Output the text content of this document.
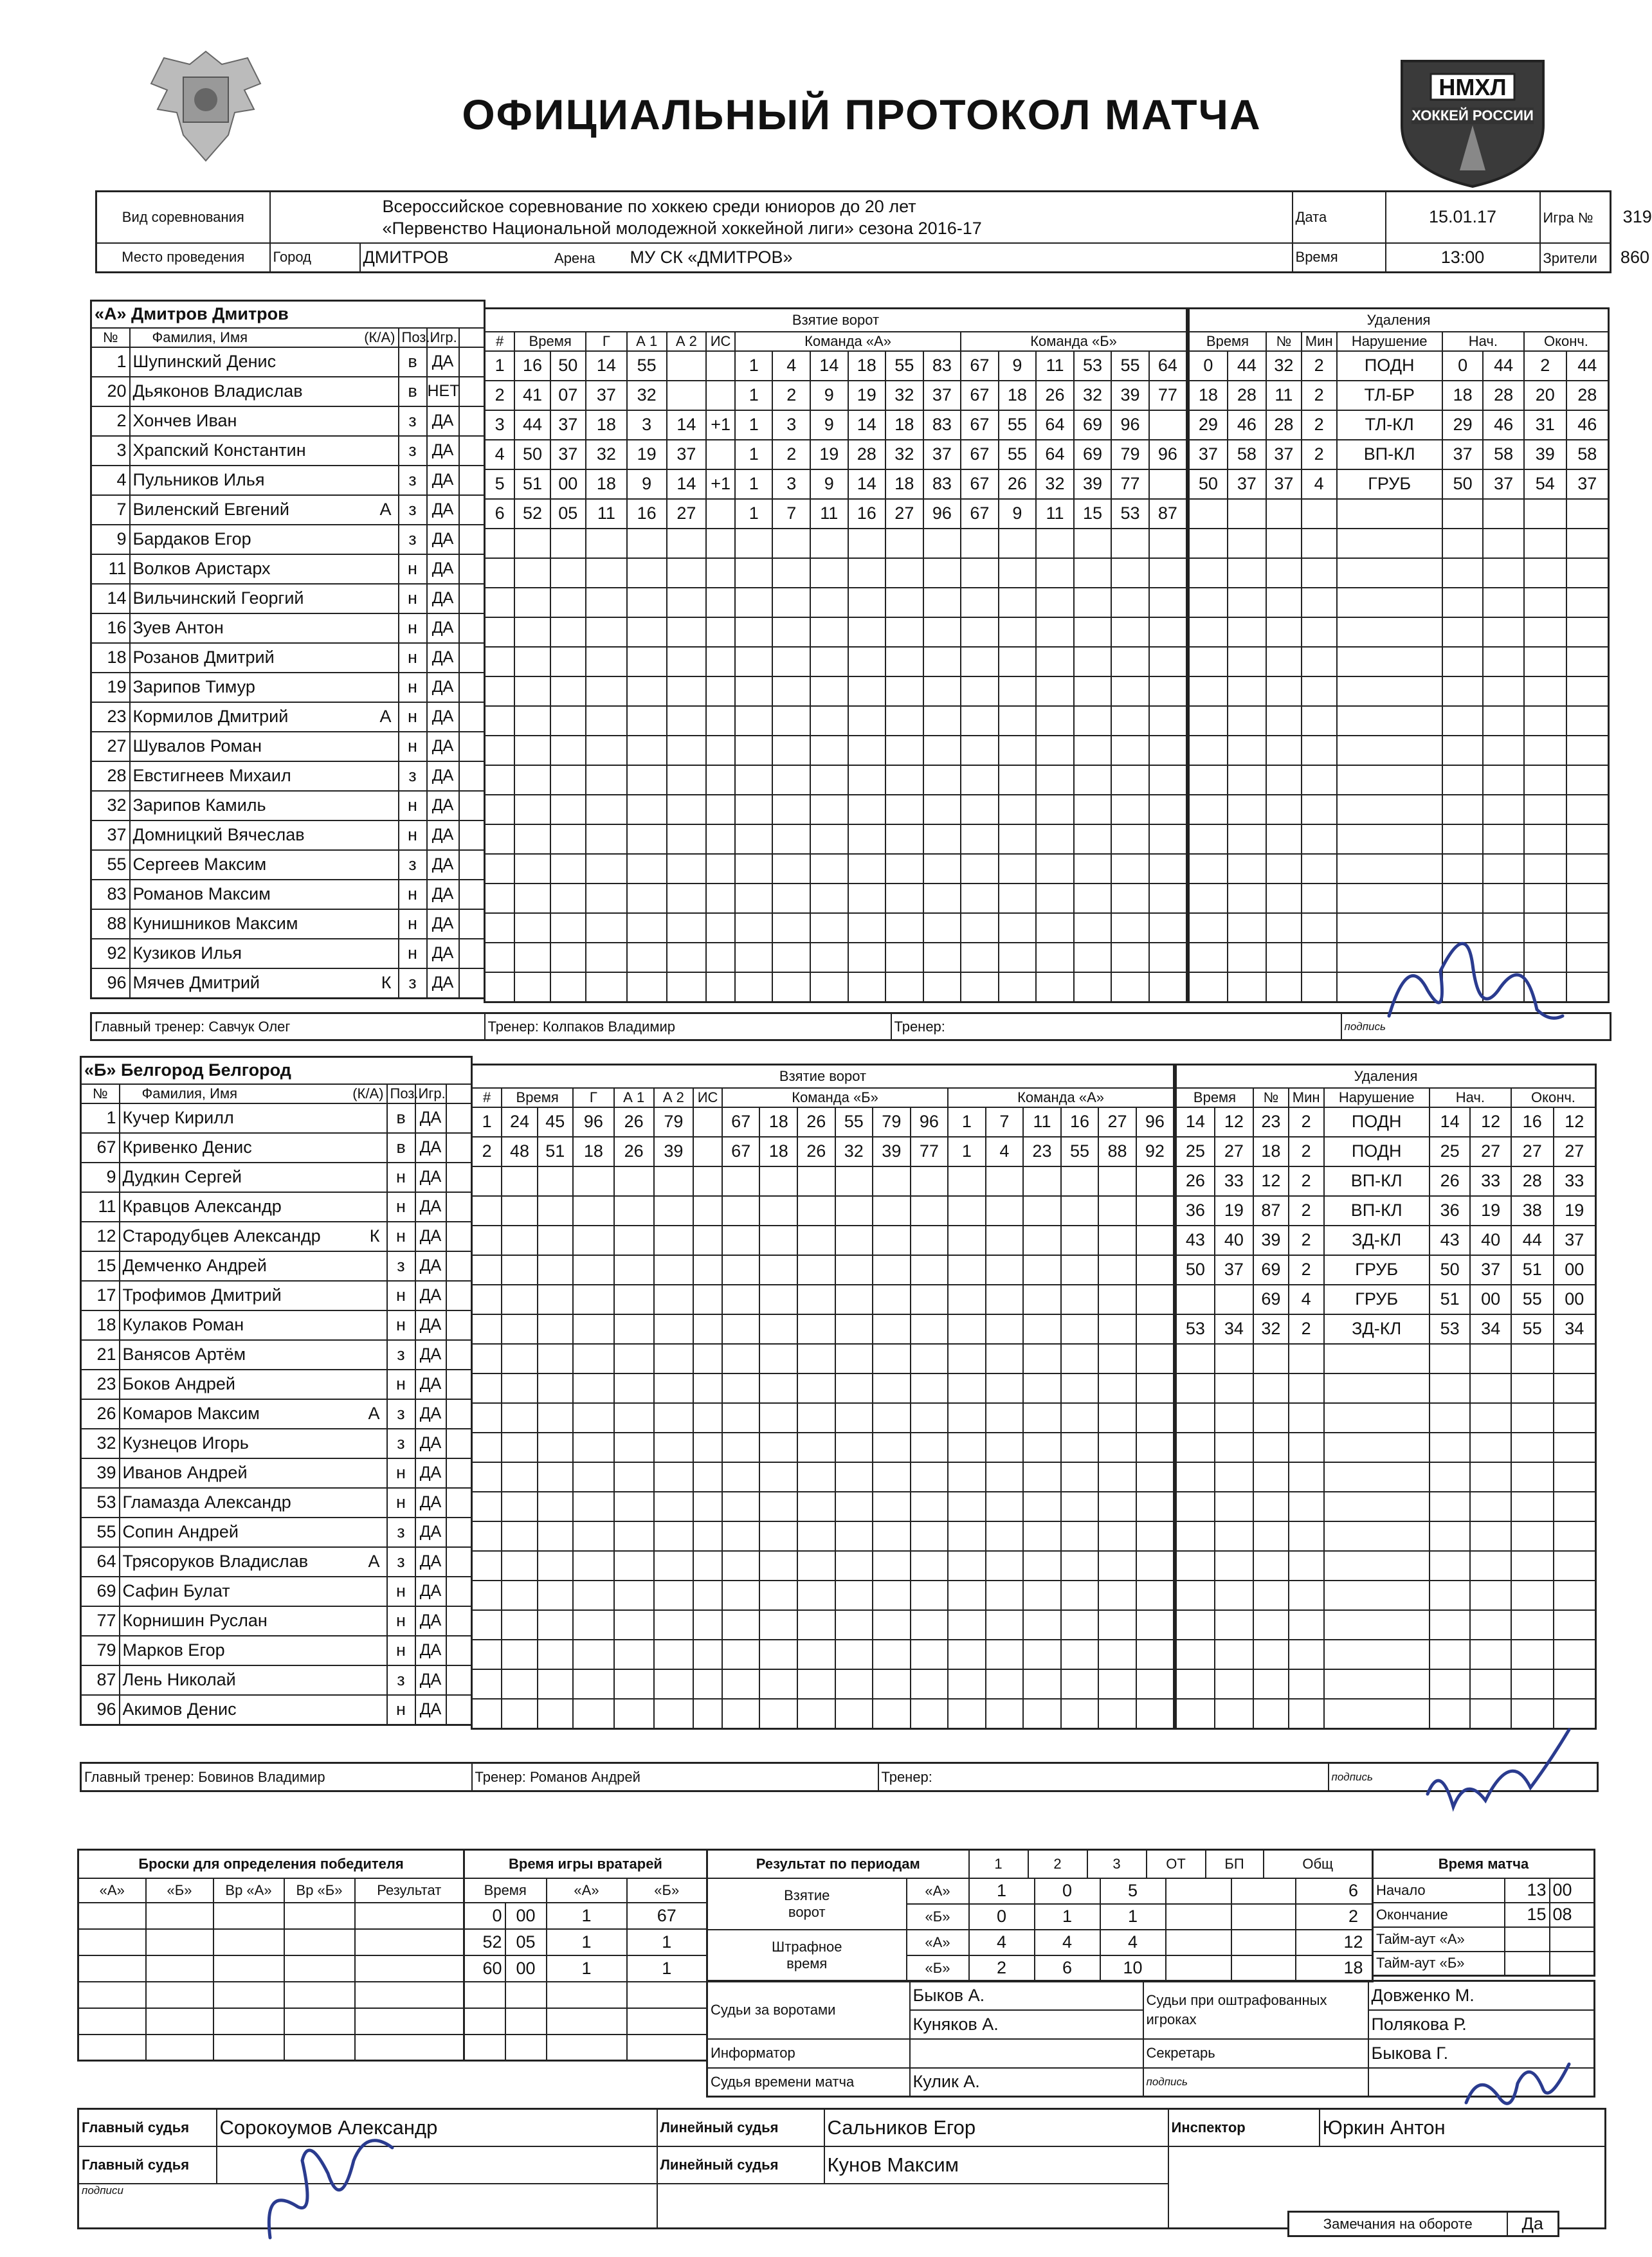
ОФИЦИАЛЬНЫЙ ПРОТОКОЛ МАТЧА
НМХЛ
ХОККЕЙ РОССИИ
Вид соревнования	Всероссийское соревнование по хоккею среди юниоров до 20 лет
«Первенство Национальной молодежной хоккейной лиги» сезона 2016-17		Дата	15.01.17	Игра № 319
Место проведения	Город	ДМИТРОВ Арена МУ СК «ДМИТРОВ»	Время	13:00	Зрители 860
«А» Дмитров Дмитров				
№	Фамилия, Имя (К/А)	Поз.	Игр.	
1	Шупинский Денис	в	ДА	
20	Дьяконов Владислав	в	НЕТ	
2	Хончев Иван	з	ДА	
3	Храпский Константин	з	ДА	
4	Пульников Илья	з	ДА	
7	Виленский Евгений А	з	ДА	
9	Бардаков Егор	з	ДА	
11	Волков Аристарх	н	ДА	
14	Вильчинский Георгий	н	ДА	
16	Зуев Антон	н	ДА	
18	Розанов Дмитрий	н	ДА	
19	Зарипов Тимур	н	ДА	
23	Кормилов Дмитрий А	н	ДА	
27	Шувалов Роман	н	ДА	
28	Евстигнеев Михаил	з	ДА	
32	Зарипов Камиль	н	ДА	
37	Домницкий Вячеслав	н	ДА	
55	Сергеев Максим	з	ДА	
83	Романов Максим	н	ДА	
88	Кунишников Максим	н	ДА	
92	Кузиков Илья	н	ДА	
96	Мячев Дмитрий К	з	ДА	
Взятие ворот																		
#	Время		Г	А 1	А 2	ИС	Команда «А»						Команда «Б»					
1	16	50	14	55			1	4	14	18	55	83	67	9	11	53	55	64
2	41	07	37	32			1	2	9	19	32	37	67	18	26	32	39	77
3	44	37	18	3	14	+1	1	3	9	14	18	83	67	55	64	69	96	
4	50	37	32	19	37		1	2	19	28	32	37	67	55	64	69	79	96
5	51	00	18	9	14	+1	1	3	9	14	18	83	67	26	32	39	77	
6	52	05	11	16	27		1	7	11	16	27	96	67	9	11	15	53	87

Удаления								
Время		№	Мин	Нарушение	Нач.		Оконч.	
0	44	32	2	ПОДН	0	44	2	44
18	28	11	2	ТЛ-БР	18	28	20	28
29	46	28	2	ТЛ-КЛ	29	46	31	46
37	58	37	2	ВП-КЛ	37	58	39	58
50	37	37	4	ГРУБ	50	37	54	37

Главный тренер: Савчук Олег	Тренер: Колпаков Владимир	Тренер:	подпись
«Б» Белгород Белгород				
№	Фамилия, Имя (К/А)	Поз.	Игр.	
1	Кучер Кирилл	в	ДА	
67	Кривенко Денис	в	ДА	
9	Дудкин Сергей	н	ДА	
11	Кравцов Александр	н	ДА	
12	Стародубцев Александр К	н	ДА	
15	Демченко Андрей	з	ДА	
17	Трофимов Дмитрий	н	ДА	
18	Кулаков Роман	н	ДА	
21	Ванясов Артём	з	ДА	
23	Боков Андрей	н	ДА	
26	Комаров Максим А	з	ДА	
32	Кузнецов Игорь	з	ДА	
39	Иванов Андрей	н	ДА	
53	Гламазда Александр	н	ДА	
55	Сопин Андрей	з	ДА	
64	Трясоруков Владислав А	з	ДА	
69	Сафин Булат	н	ДА	
77	Корнишин Руслан	н	ДА	
79	Марков Егор	н	ДА	
87	Лень Николай	з	ДА	
96	Акимов Денис	н	ДА	
Взятие ворот																		
#	Время		Г	А 1	А 2	ИС	Команда «Б»						Команда «А»					
1	24	45	96	26	79		67	18	26	55	79	96	1	7	11	16	27	96
2	48	51	18	26	39		67	18	26	32	39	77	1	4	23	55	88	92

Удаления								
Время		№	Мин	Нарушение	Нач.		Оконч.	
14	12	23	2	ПОДН	14	12	16	12
25	27	18	2	ПОДН	25	27	27	27
26	33	12	2	ВП-КЛ	26	33	28	33
36	19	87	2	ВП-КЛ	36	19	38	19
43	40	39	2	ЗД-КЛ	43	40	44	37
50	37	69	2	ГРУБ	50	37	51	00
		69	4	ГРУБ	51	00	55	00
53	34	32	2	ЗД-КЛ	53	34	55	34

Главный тренер: Бовинов Владимир	Тренер: Романов Андрей	Тренер:	подпись
Броски для определения победителя				
«А»	«Б»	Вр «А»	Вр «Б»	Результат

Время игры вратарей			
Время		«А»	«Б»
0	00	1	67
52	05	1	1
60	00	1	1

Результат по периодам	1	2	3	ОТ	БП	Общ
Взятие ворот	«А»		1	0	5			6

«Б»		0	1	1			2

Штрафное время	«А»		4	4	4			12

«Б»		2	6	10			18
Время матча		
Начало	13	00
Окончание	15	08
Тайм-аут «А»		
Тайм-аут «Б»		
Судьи за воротами	Быков А.	Судьи при оштрафованных игроках	Довженко М.
	Куняков А.		Полякова Р.
Информатор		Секретарь	Быкова Г.
Судья времени матча	Кулик А.	подпись	
Главный судья	Сорокоумов Александр	Линейный судья	Сальников Егор	Инспектор	Юркин Антон
Главный судья		Линейный судья	Кунов Максим		
подписи					
Замечания на обороте	Да
